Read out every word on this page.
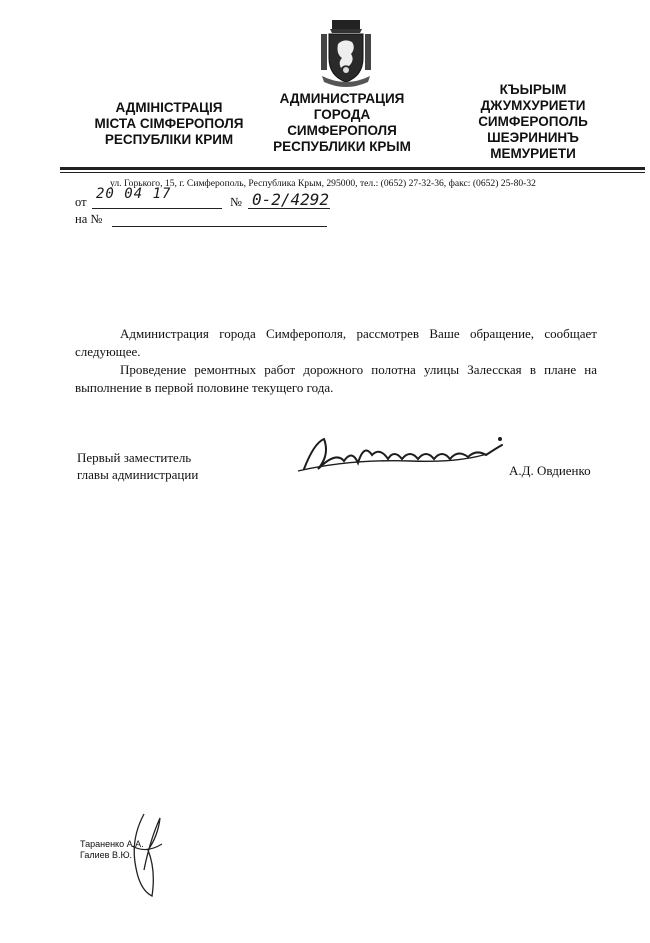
АДМІНІСТРАЦІЯ
МІСТА СІМФЕРОПОЛЯ
РЕСПУБЛІКИ КРИМ
АДМИНИСТРАЦИЯ
ГОРОДА
СИМФЕРОПОЛЯ
РЕСПУБЛИКИ КРЫМ
КЪЫРЫМ
ДЖУМХУРИЕТИ
СИМФЕРОПОЛЬ
ШЕЭРИНИНЪ
МЕМУРИЕТИ
ул. Горького, 15, г. Симферополь, Республика Крым, 295000, тел.: (0652) 27-32-36, факс: (0652) 25-80-32
от 20 04 17	№ 0-2/4292
на №

Администрация города Симферополя, рассмотрев Ваше обращение, сообщает следующее.

Проведение ремонтных работ дорожного полотна улицы Залесская в плане на выполнение в первой половине текущего года.

Первый заместитель
главы администрации	А.Д. Овдиенко
Тараненко А.А.
Галиев В.Ю.
